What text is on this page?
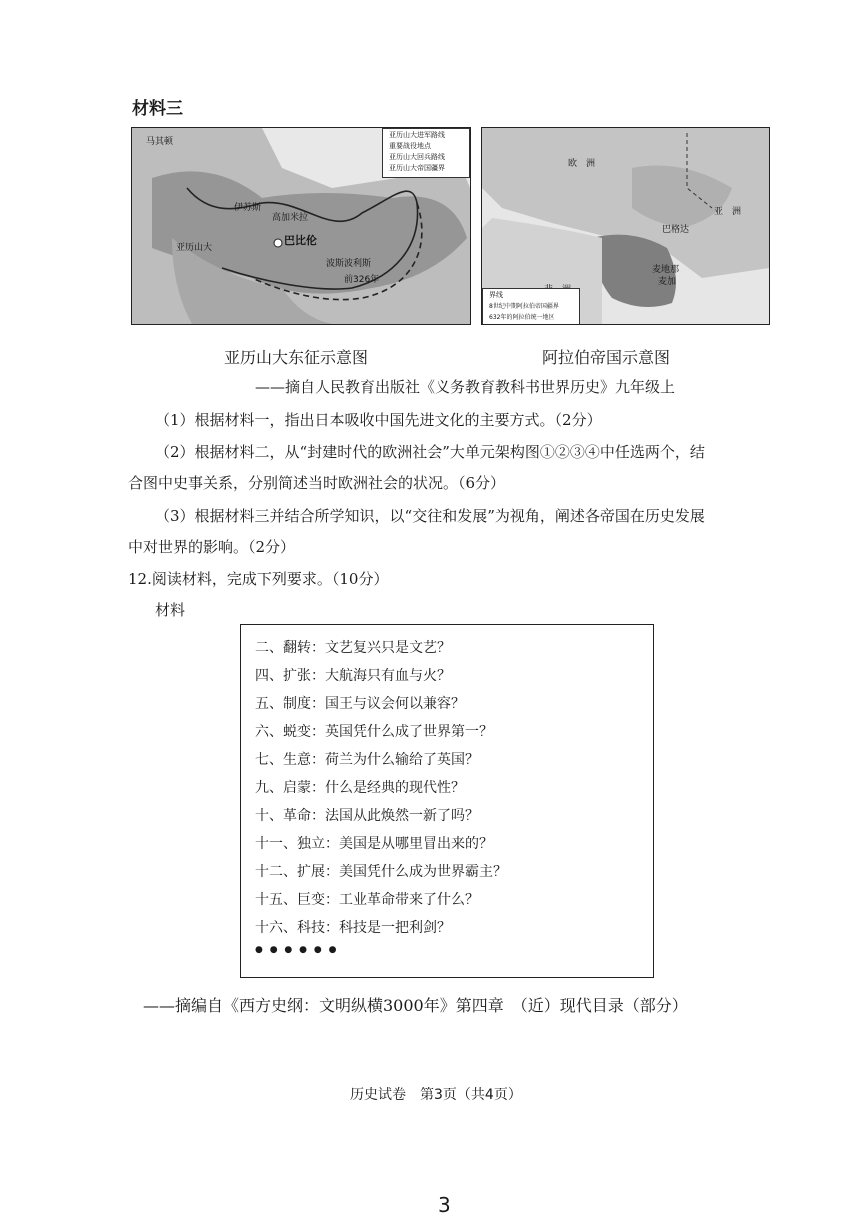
材料三
马其顿
伊苏斯
高加米拉
亚历山大
巴比伦
波斯波利斯
前326年
亚历山大进军路线
重要战役地点
亚历山大回兵路线
亚历山大帝国疆界	欧　洲
亚　洲
巴格达
麦地那
麦加
界线
8世纪中期阿拉伯帝国疆界
632年的阿拉伯统一地区
亚历山大东征示意图	阿拉伯帝国示意图
——摘自人民教育出版社《义务教育教科书世界历史》九年级上
（1）根据材料一，指出日本吸收中国先进文化的主要方式。（2分）
（2）根据材料二，从“封建时代的欧洲社会”大单元架构图①②③④中任选两个，结
合图中史事关系，分别简述当时欧洲社会的状况。（6分）
（3）根据材料三并结合所学知识，以“交往和发展”为视角，阐述各帝国在历史发展
中对世界的影响。（2分）
12.阅读材料，完成下列要求。（10分）
材料
二、翻转：文艺复兴只是文艺？
四、扩张：大航海只有血与火？
五、制度：国王与议会何以兼容？
六、蜕变：英国凭什么成了世界第一？
七、生意：荷兰为什么输给了英国？
九、启蒙：什么是经典的现代性？
十、革命：法国从此焕然一新了吗？
十一、独立：美国是从哪里冒出来的？
十二、扩展：美国凭什么成为世界霸主？
十五、巨变：工业革命带来了什么？
十六、科技：科技是一把利剑？
● ● ● ● ● ●
——摘编自《西方史纲：文明纵横3000年》第四章　（近）现代目录（部分）
历史试卷　第3页（共4页）
3
